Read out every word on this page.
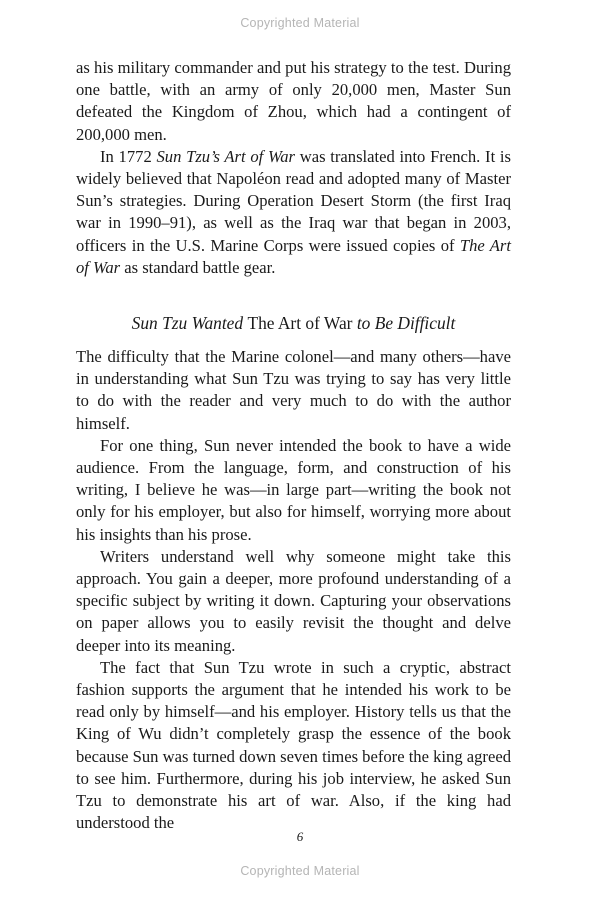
Copyrighted Material

as his military commander and put his strategy to the test. During one battle, with an army of only 20,000 men, Master Sun defeated the Kingdom of Zhou, which had a contingent of 200,000 men.

In 1772 Sun Tzu’s Art of War was translated into French. It is widely believed that Napoléon read and adopted many of Master Sun’s strategies. During Operation Desert Storm (the first Iraq war in 1990–91), as well as the Iraq war that began in 2003, officers in the U.S. Marine Corps were issued copies of The Art of War as standard battle gear.

Sun Tzu Wanted The Art of War to Be Difficult

The difficulty that the Marine colonel—and many others—have in understanding what Sun Tzu was trying to say has very little to do with the reader and very much to do with the author himself.

For one thing, Sun never intended the book to have a wide audience. From the language, form, and construction of his writing, I believe he was—in large part—writing the book not only for his employer, but also for himself, worrying more about his insights than his prose.

Writers understand well why someone might take this approach. You gain a deeper, more profound understanding of a specific subject by writing it down. Capturing your observations on paper allows you to easily revisit the thought and delve deeper into its meaning.

The fact that Sun Tzu wrote in such a cryptic, abstract fashion supports the argument that he intended his work to be read only by himself—and his employer. History tells us that the King of Wu didn’t completely grasp the essence of the book because Sun was turned down seven times before the king agreed to see him. Furthermore, during his job interview, he asked Sun Tzu to demonstrate his art of war. Also, if the king had understood the

6
Copyrighted Material
